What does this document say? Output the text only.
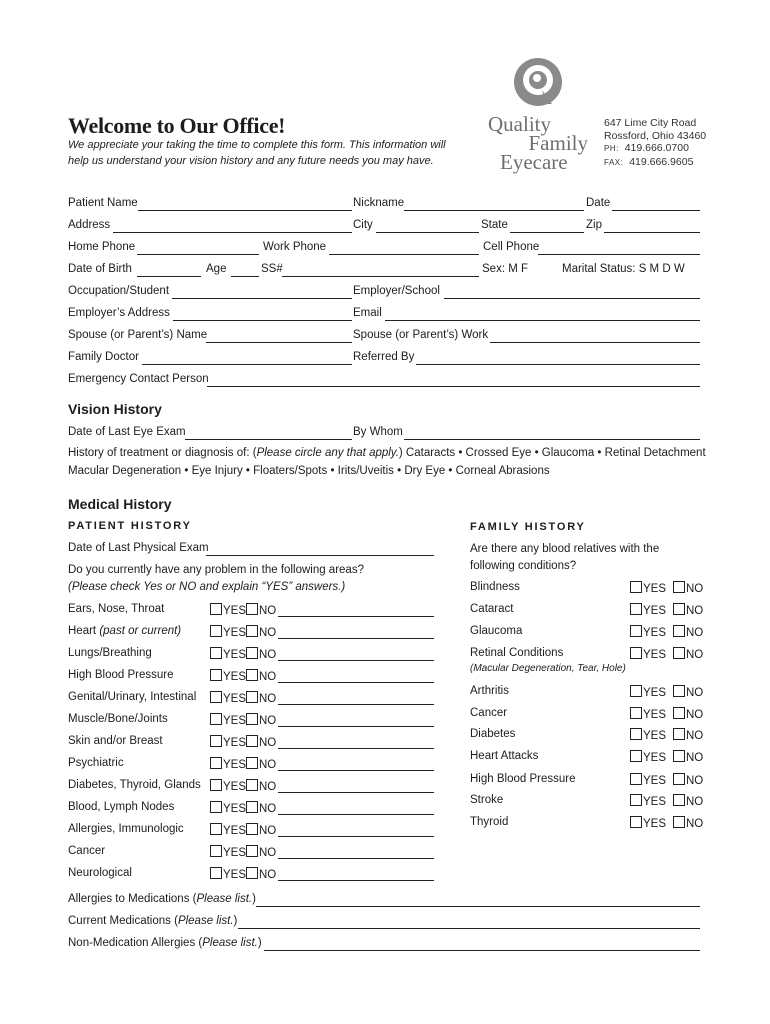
Welcome to Our Office!
We appreciate your taking the time to complete this form. This information will
help us understand your vision history and any future needs you may have.
Quality
Family
Eyecare
647 Lime City Road
Rossford, Ohio 43460
PH: 419.666.0700
FAX: 419.666.9605
Patient Name	Nickname	Date
Address	City	State	Zip
Home Phone	Work Phone	Cell Phone
Date of Birth	Age	SS#	Sex: M F	Marital Status: S M D W
Occupation/Student	Employer/School
Employer’s Address	Email
Spouse (or Parent’s) Name	Spouse (or Parent’s) Work
Family Doctor	Referred By
Emergency Contact Person
Vision History
Date of Last Eye Exam	By Whom
History of treatment or diagnosis of: (Please circle any that apply.) Cataracts • Crossed Eye • Glaucoma • Retinal Detachment
Macular Degeneration • Eye Injury • Floaters/Spots • Irits/Uveitis • Dry Eye • Corneal Abrasions
Medical History
PATIENT HISTORY	FAMILY HISTORY
Date of Last Physical Exam
Do you currently have any problem in the following areas?
(Please check Yes or NO and explain “YES” answers.)
Are there any blood relatives with the
following conditions?
Ears, Nose, Throat	YES	NO
Heart (past or current)	YES	NO
Lungs/Breathing	YES	NO
High Blood Pressure	YES	NO
Genital/Urinary, Intestinal	YES	NO
Muscle/Bone/Joints	YES	NO
Skin and/or Breast	YES	NO
Psychiatric	YES	NO
Diabetes, Thyroid, Glands	YES	NO
Blood, Lymph Nodes	YES	NO
Allergies, Immunologic	YES	NO
Cancer	YES	NO
Neurological	YES	NO
Blindness	YES	NO
Cataract	YES	NO
Glaucoma	YES	NO
Retinal Conditions	YES	NO
Arthritis	YES	NO
Cancer	YES	NO
Diabetes	YES	NO
Heart Attacks	YES	NO
High Blood Pressure	YES	NO
Stroke	YES	NO
Thyroid	YES	NO
(Macular Degeneration, Tear, Hole)
Allergies to Medications (Please list.)
Current Medications (Please list.)
Non-Medication Allergies (Please list.)
